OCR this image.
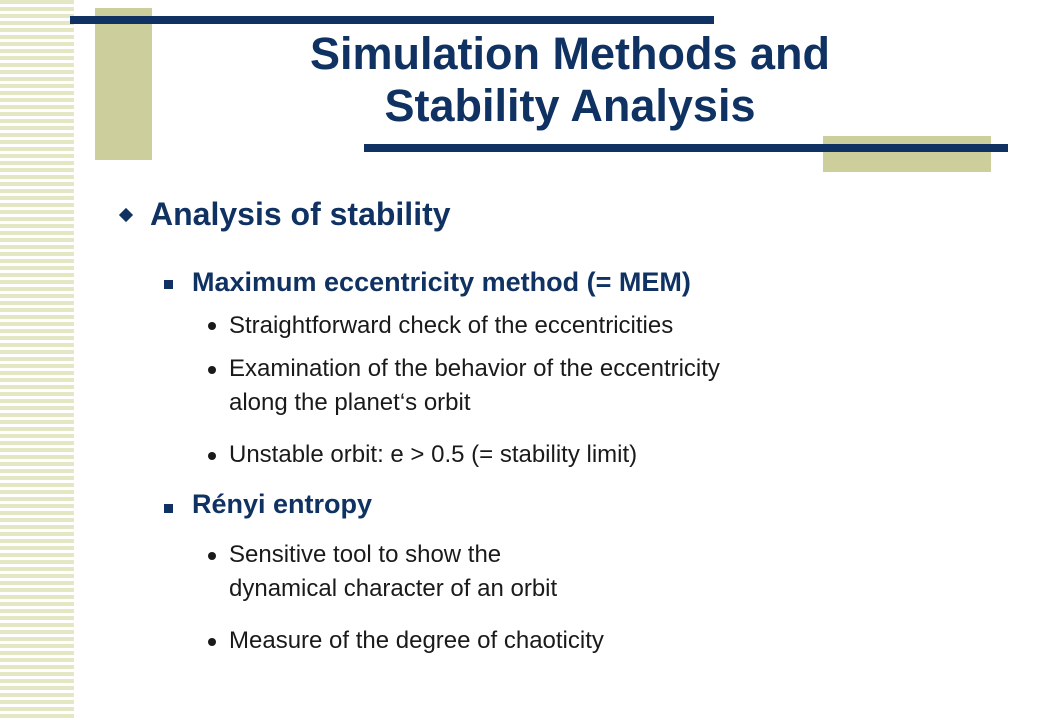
Simulation Methods and
Stability Analysis
Analysis of stability
Maximum eccentricity method (= MEM)
Straightforward check of the eccentricities
Examination of the behavior of the eccentricity
along the planet‘s orbit
Unstable orbit: e > 0.5 (= stability limit)
Rényi entropy
Sensitive tool to show the
dynamical character of an orbit
Measure of the degree of chaoticity
